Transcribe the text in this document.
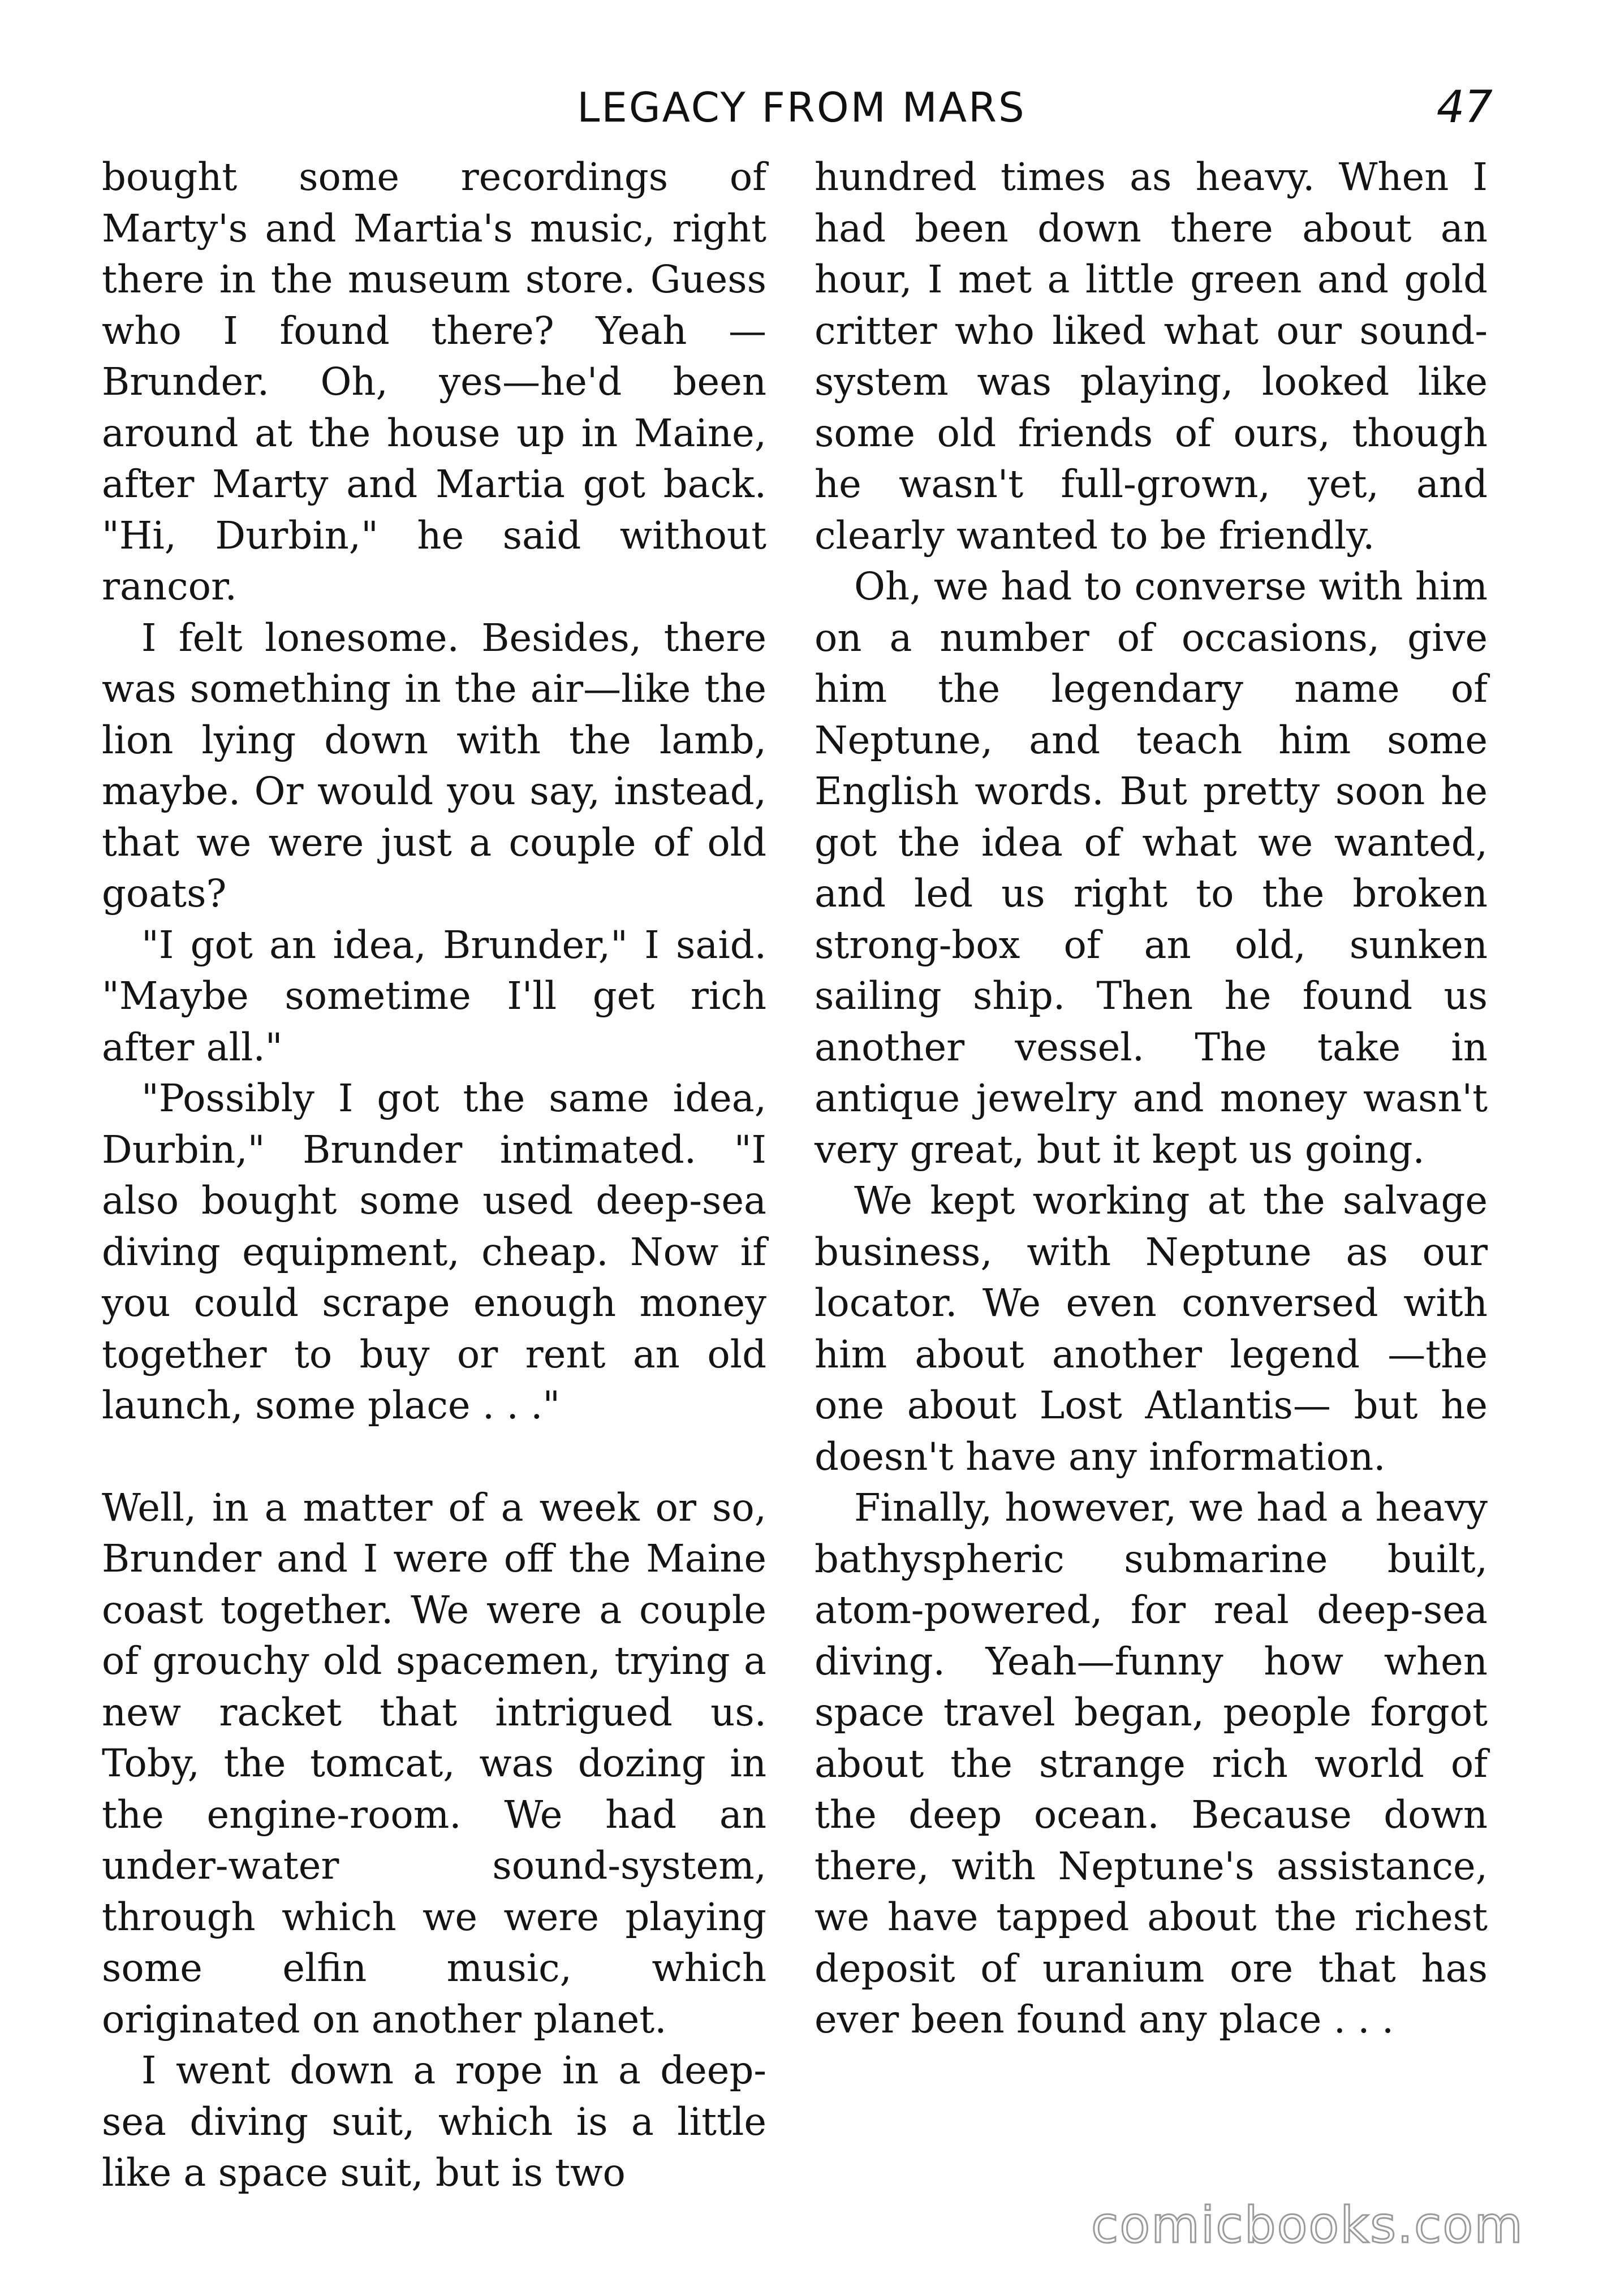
LEGACY FROM MARS	47

bought some recordings of Marty's and Martia's music, right there in the museum store. Guess who I found there? Yeah —Brunder. Oh, yes—he'd been around at the house up in Maine, after Marty and Martia got back. "Hi, Durbin," he said without rancor.

I felt lonesome. Besides, there was something in the air—like the lion lying down with the lamb, maybe. Or would you say, instead, that we were just a couple of old goats?

"I got an idea, Brunder," I said. "Maybe sometime I'll get rich after all."

"Possibly I got the same idea, Durbin," Brunder intimated. "I also bought some used deep-sea diving equipment, cheap. Now if you could scrape enough money together to buy or rent an old launch, some place . . ."

Well, in a matter of a week or so, Brunder and I were off the Maine coast together. We were a couple of grouchy old spacemen, trying a new racket that intrigued us. Toby, the tomcat, was dozing in the engine-room. We had an under-water sound-system, through which we were playing some elfin music, which originated on another planet.

I went down a rope in a deep-sea diving suit, which is a little like a space suit, but is two

hundred times as heavy. When I had been down there about an hour, I met a little green and gold critter who liked what our sound-system was playing, looked like some old friends of ours, though he wasn't full-grown, yet, and clearly wanted to be friendly.

Oh, we had to converse with him on a number of occasions, give him the legendary name of Neptune, and teach him some English words. But pretty soon he got the idea of what we wanted, and led us right to the broken strong-box of an old, sunken sailing ship. Then he found us another vessel. The take in antique jewelry and money wasn't very great, but it kept us going.

We kept working at the salvage business, with Neptune as our locator. We even conversed with him about another legend —the one about Lost Atlantis— but he doesn't have any information.

Finally, however, we had a heavy bathyspheric submarine built, atom-powered, for real deep-sea diving. Yeah—funny how when space travel began, people forgot about the strange rich world of the deep ocean. Because down there, with Neptune's assistance, we have tapped about the richest deposit of uranium ore that has ever been found any place . . .

comicbooks.com
